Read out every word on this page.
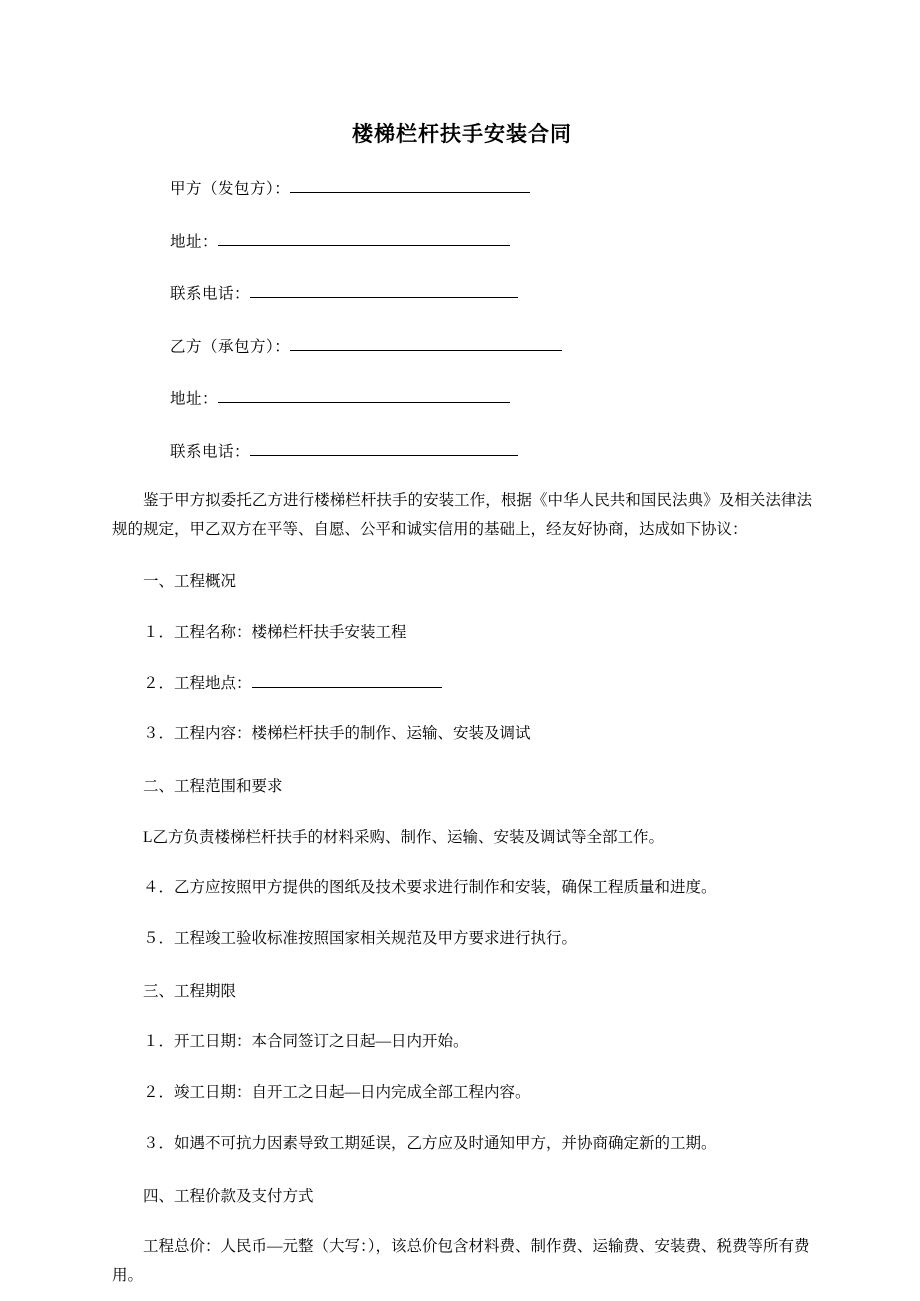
楼梯栏杆扶手安装合同
甲方（发包方）：
地址：
联系电话：
乙方（承包方）：
地址：
联系电话：
鉴于甲方拟委托乙方进行楼梯栏杆扶手的安装工作，根据《中华人民共和国民法典》及相关法律法规的规定，甲乙双方在平等、自愿、公平和诚实信用的基础上，经友好协商，达成如下协议：
一、工程概况
１．工程名称：楼梯栏杆扶手安装工程
２．工程地点：
３．工程内容：楼梯栏杆扶手的制作、运输、安装及调试
二、工程范围和要求
L乙方负责楼梯栏杆扶手的材料采购、制作、运输、安装及调试等全部工作。
４．乙方应按照甲方提供的图纸及技术要求进行制作和安装，确保工程质量和进度。
５．工程竣工验收标准按照国家相关规范及甲方要求进行执行。
三、工程期限
１．开工日期：本合同签订之日起—日内开始。
２．竣工日期：自开工之日起—日内完成全部工程内容。
３．如遇不可抗力因素导致工期延误，乙方应及时通知甲方，并协商确定新的工期。
四、工程价款及支付方式
工程总价：人民币—元整（大写：），该总价包含材料费、制作费、运输费、安装费、税费等所有费用。
